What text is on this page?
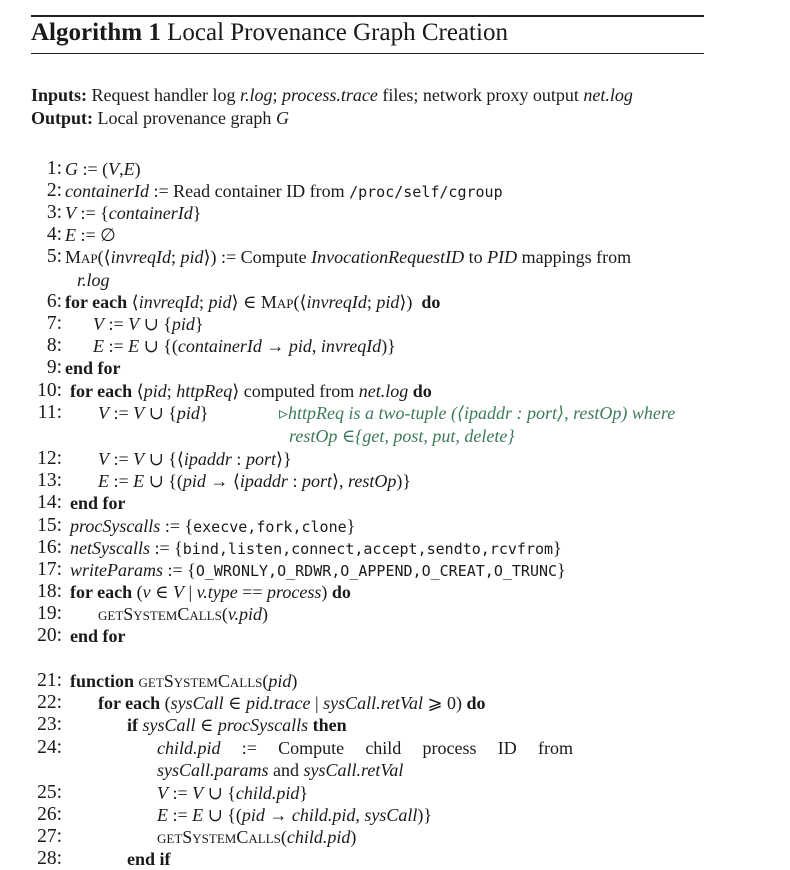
Algorithm 1 Local Provenance Graph Creation
Inputs: Request handler log r.log; process.trace files; network proxy output net.log
Output: Local provenance graph G
1:
2:
3:
4:
5:
6:
7:
8:
9:
10:
11:
12:
13:
14:
15:
16:
17:
18:
19:
20:
21:
22:
23:
24:
25:
26:
27:
28:
G := (V,E)
containerId := Read container ID from /proc/self/cgroup
V := {containerId}
E := ∅
Map(⟨invreqId; pid⟩) := Compute InvocationRequestID to PID mappings from
r.log
for each ⟨invreqId; pid⟩ ∈ Map(⟨invreqId; pid⟩)  do
V := V ∪ {pid}
E := E ∪ {(containerId → pid, invreqId)}
end for
for each ⟨pid; httpReq⟩ computed from net.log do
V := V ∪ {pid}	▹httpReq is a two-tuple (⟨ipaddr : port⟩, restOp) where
restOp ∈{get, post, put, delete}
V := V ∪ {⟨ipaddr : port⟩}
E := E ∪ {(pid → ⟨ipaddr : port⟩, restOp)}
end for
procSyscalls := {execve,fork,clone}
netSyscalls := {bind,listen,connect,accept,sendto,rcvfrom}
writeParams := {O_WRONLY,O_RDWR,O_APPEND,O_CREAT,O_TRUNC}
for each (v ∈ V | v.type == process) do
getSystemCalls(v.pid)
end for
function getSystemCalls(pid)
for each (sysCall ∈ pid.trace | sysCall.retVal ⩾ 0) do
if sysCall ∈ procSyscalls then
child.pid := Compute child process ID from
sysCall.params and sysCall.retVal
V := V ∪ {child.pid}
E := E ∪ {(pid → child.pid, sysCall)}
getSystemCalls(child.pid)
end if
